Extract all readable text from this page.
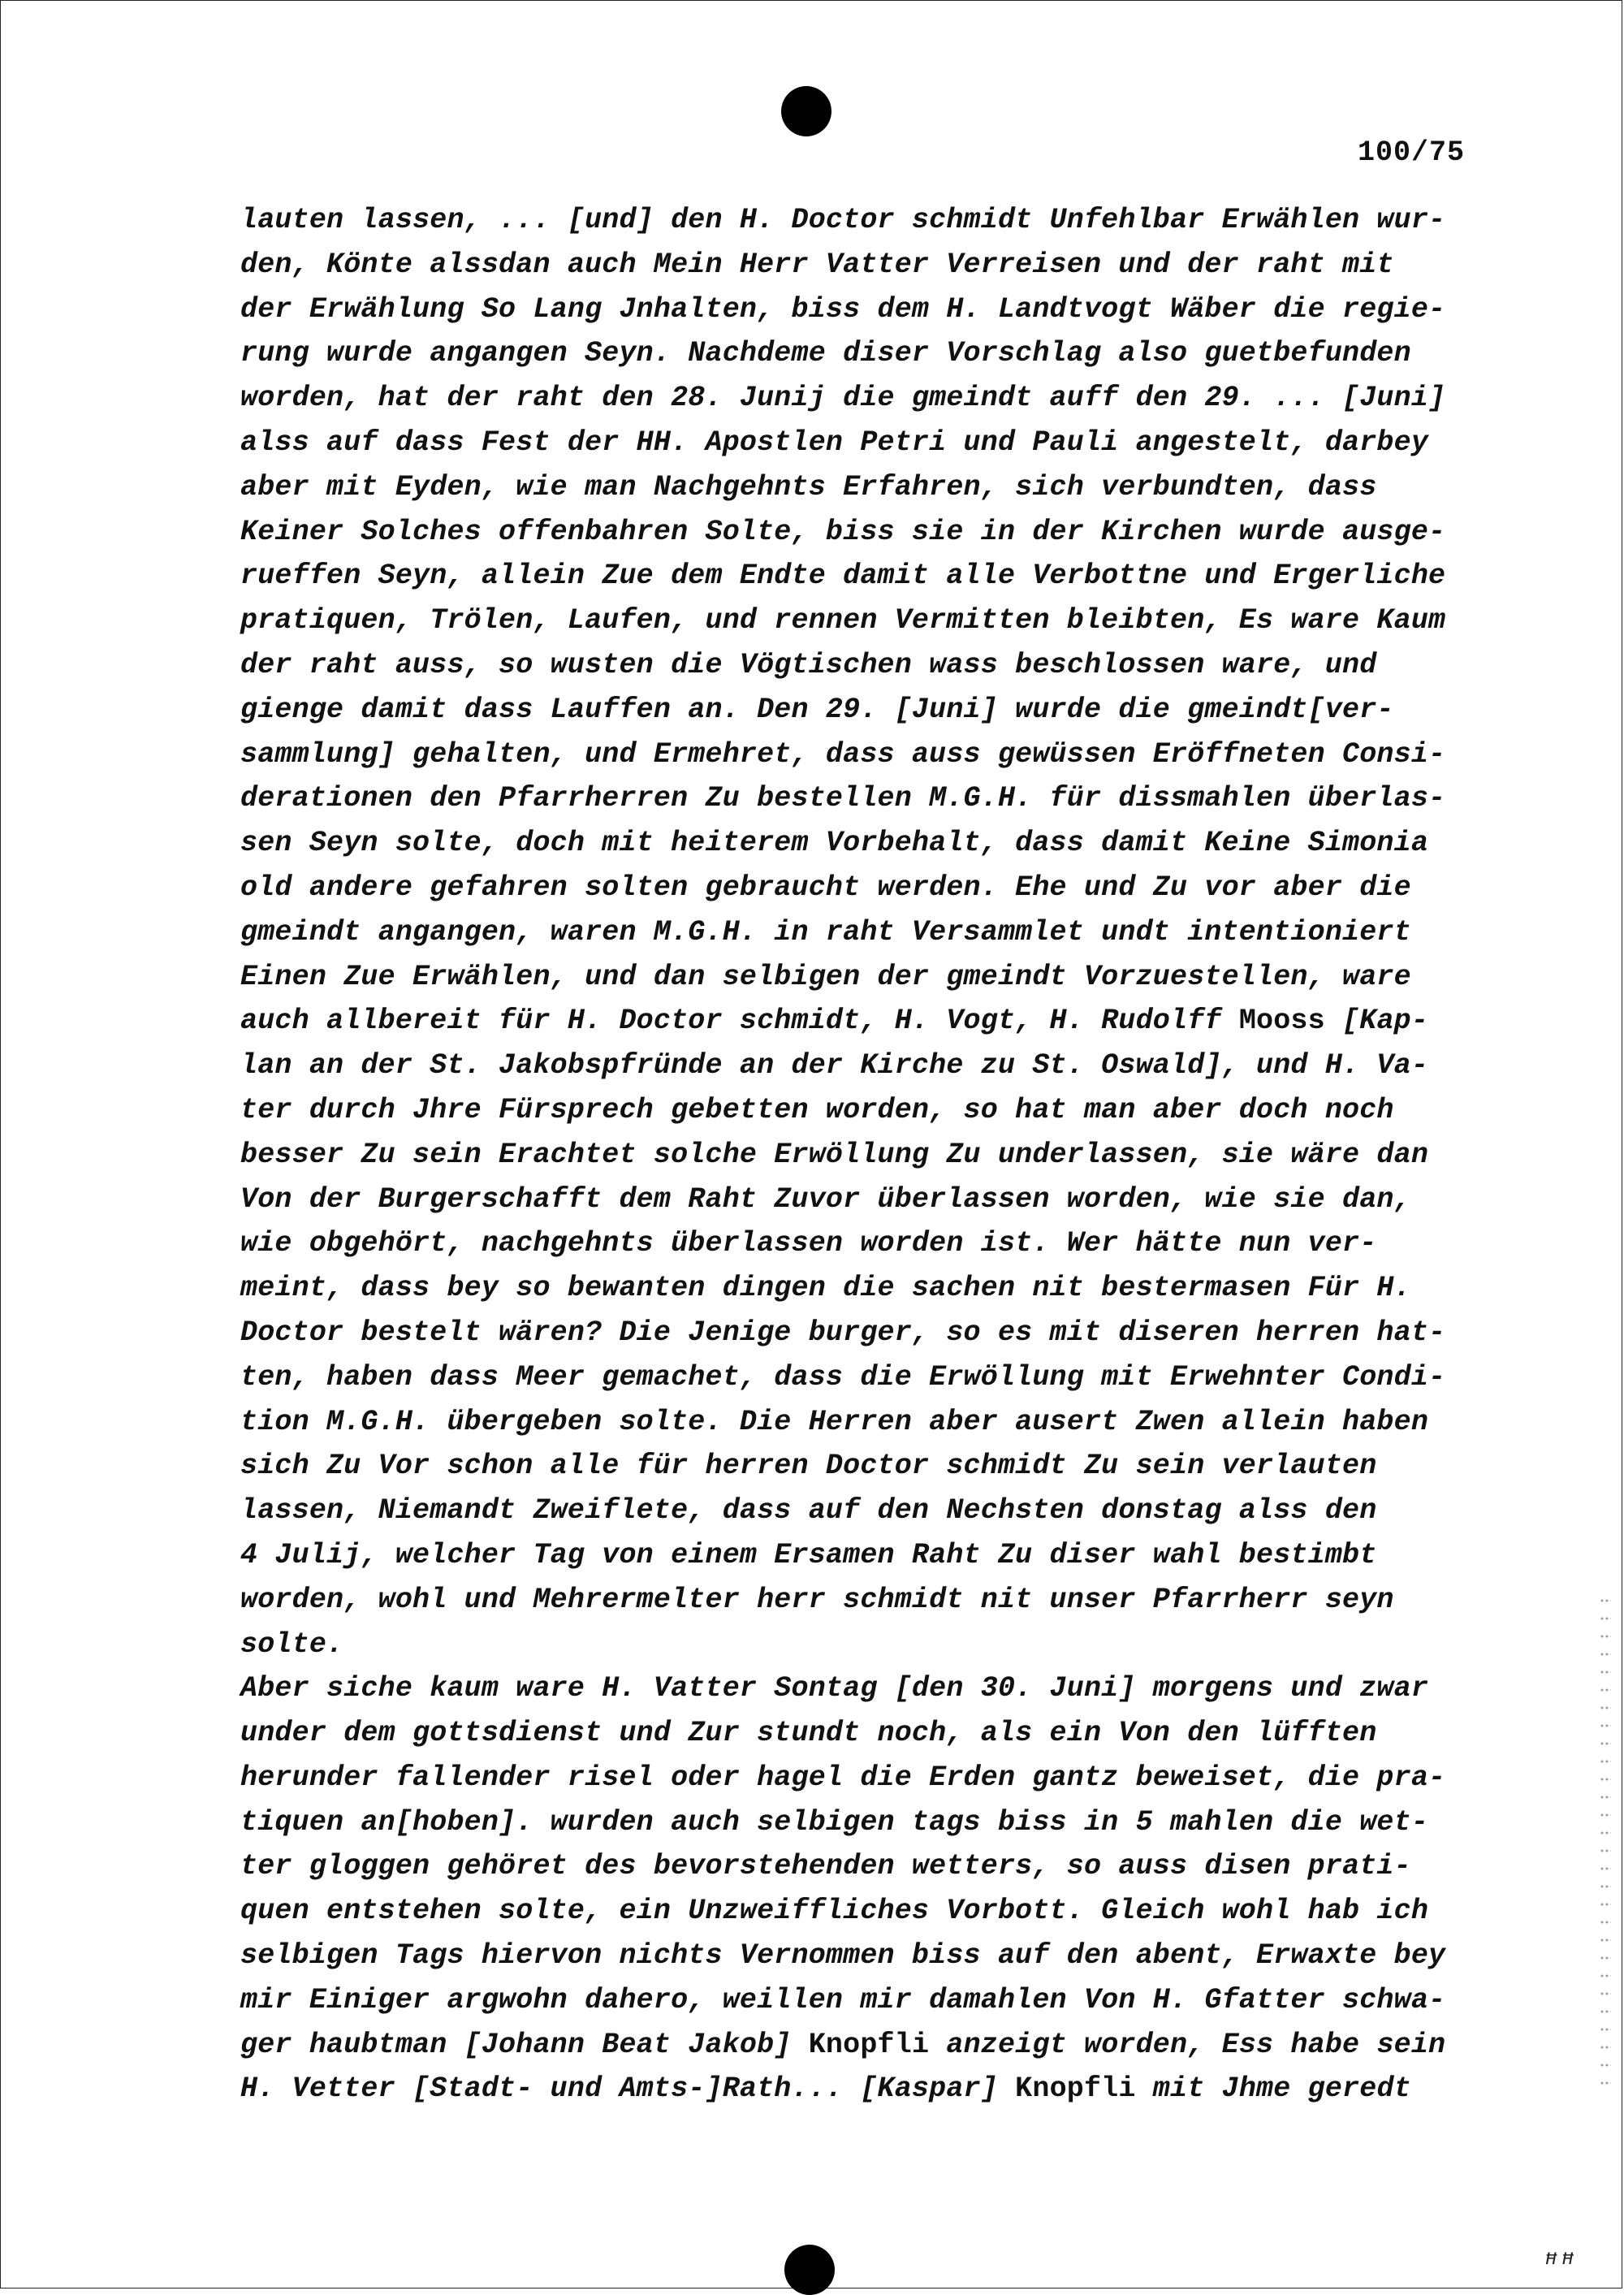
100/75
lauten lassen, ... [und] den H. Doctor schmidt Unfehlbar Erwählen wur-
den, Könte alssdan auch Mein Herr Vatter Verreisen und der raht mit
der Erwählung So Lang Jnhalten, biss dem H. Landtvogt Wäber die regie-
rung wurde angangen Seyn. Nachdeme diser Vorschlag also guetbefunden
worden, hat der raht den 28. Junij die gmeindt auff den 29. ... [Juni]
alss auf dass Fest der HH. Apostlen Petri und Pauli angestelt, darbey
aber mit Eyden, wie man Nachgehnts Erfahren, sich verbundten, dass
Keiner Solches offenbahren Solte, biss sie in der Kirchen wurde ausge-
rueffen Seyn, allein Zue dem Endte damit alle Verbottne und Ergerliche
pratiquen, Trölen, Laufen, und rennen Vermitten bleibten, Es ware Kaum
der raht auss, so wusten die Vögtischen wass beschlossen ware, und
gienge damit dass Lauffen an. Den 29. [Juni] wurde die gmeindt[ver-
sammlung] gehalten, und Ermehret, dass auss gewüssen Eröffneten Consi-
derationen den Pfarrherren Zu bestellen M.G.H. für dissmahlen überlas-
sen Seyn solte, doch mit heiterem Vorbehalt, dass damit Keine Simonia
old andere gefahren solten gebraucht werden. Ehe und Zu vor aber die
gmeindt angangen, waren M.G.H. in raht Versammlet undt intentioniert
Einen Zue Erwählen, und dan selbigen der gmeindt Vorzuestellen, ware
auch allbereit für H. Doctor schmidt, H. Vogt, H. Rudolff Mooss [Kap-
lan an der St. Jakobspfründe an der Kirche zu St. Oswald], und H. Va-
ter durch Jhre Fürsprech gebetten worden, so hat man aber doch noch
besser Zu sein Erachtet solche Erwöllung Zu underlassen, sie wäre dan
Von der Burgerschafft dem Raht Zuvor überlassen worden, wie sie dan,
wie obgehört, nachgehnts überlassen worden ist. Wer hätte nun ver-
meint, dass bey so bewanten dingen die sachen nit bestermasen Für H.
Doctor bestelt wären? Die Jenige burger, so es mit diseren herren hat-
ten, haben dass Meer gemachet, dass die Erwöllung mit Erwehnter Condi-
tion M.G.H. übergeben solte. Die Herren aber ausert Zwen allein haben
sich Zu Vor schon alle für herren Doctor schmidt Zu sein verlauten
lassen, Niemandt Zweiflete, dass auf den Nechsten donstag alss den
4 Julij, welcher Tag von einem Ersamen Raht Zu diser wahl bestimbt
worden, wohl und Mehrermelter herr schmidt nit unser Pfarrherr seyn
solte.
Aber siche kaum ware H. Vatter Sontag [den 30. Juni] morgens und zwar
under dem gottsdienst und Zur stundt noch, als ein Von den lüfften
herunder fallender risel oder hagel die Erden gantz beweiset, die pra-
tiquen an[hoben]. wurden auch selbigen tags biss in 5 mahlen die wet-
ter gloggen gehöret des bevorstehenden wetters, so auss disen prati-
quen entstehen solte, ein Unzweiffliches Vorbott. Gleich wohl hab ich
selbigen Tags hiervon nichts Vernommen biss auf den abent, Erwaxte bey
mir Einiger argwohn dahero, weillen mir damahlen Von H. Gfatter schwa-
ger haubtman [Johann Beat Jakob] Knopfli anzeigt worden, Ess habe sein
H. Vetter [Stadt- und Amts-]Rath... [Kaspar] Knopfli mit Jhme geredt
ꟸꟸ
